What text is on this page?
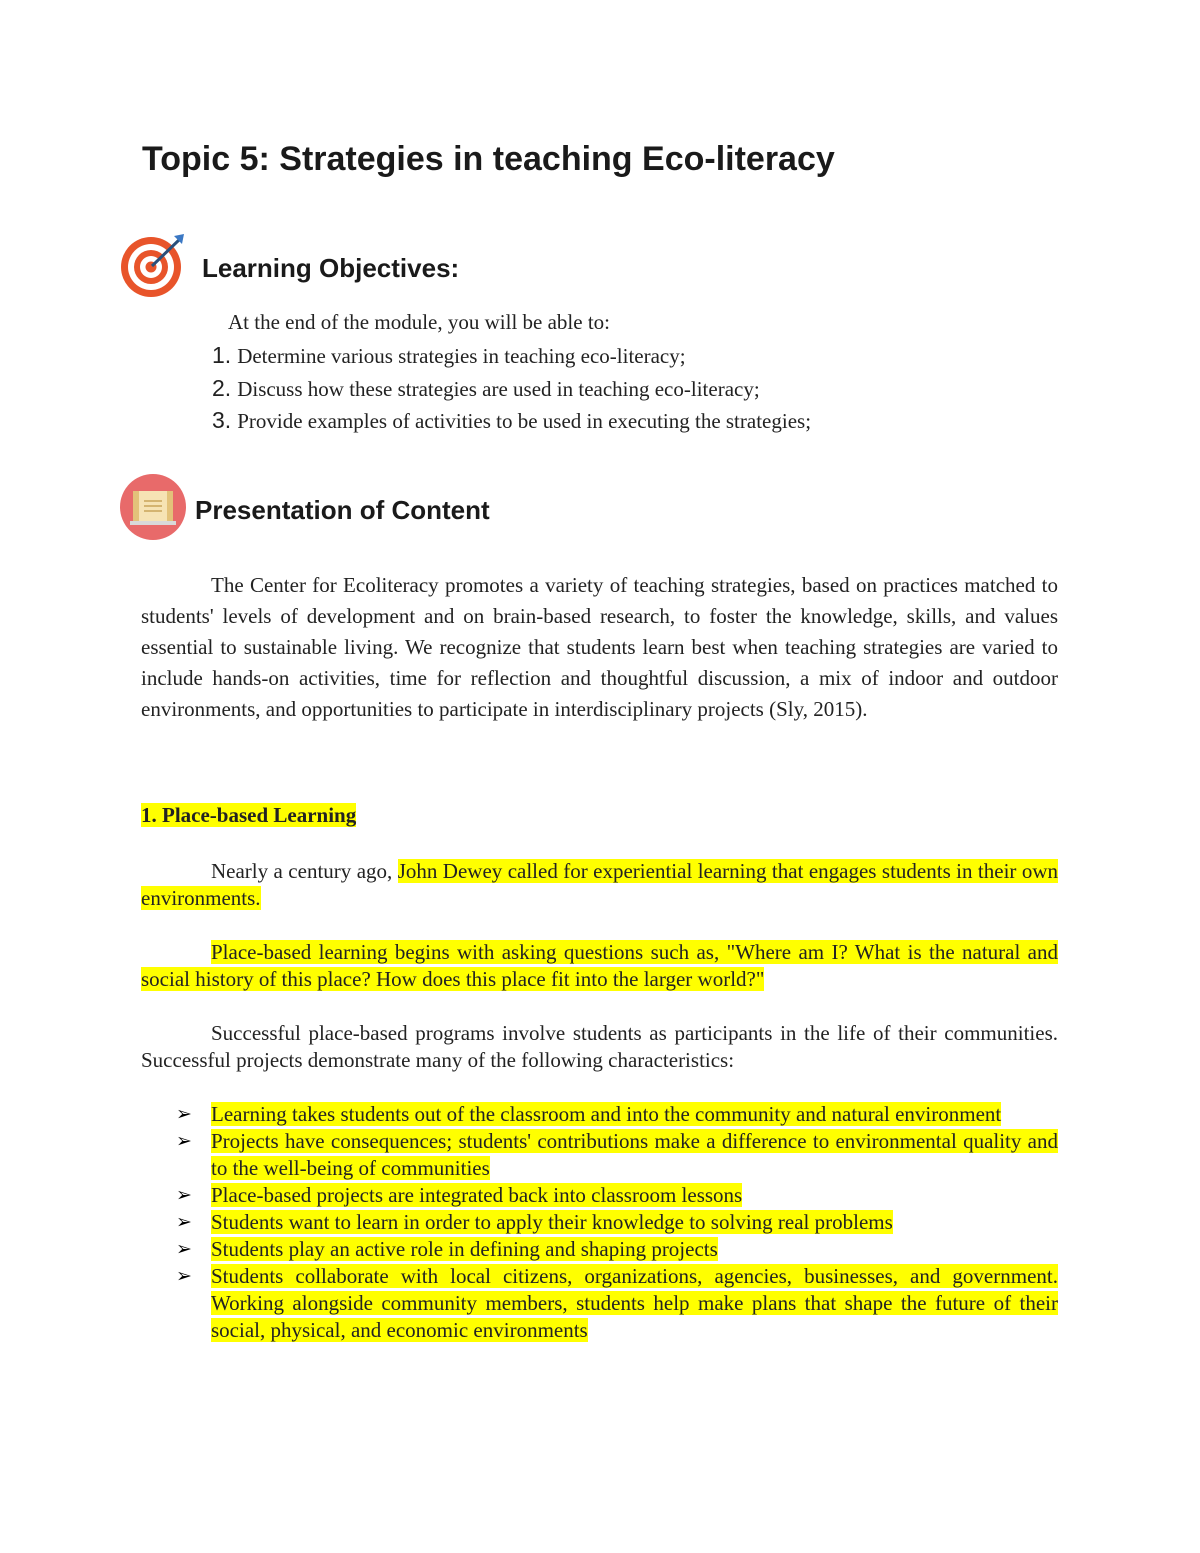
Topic 5: Strategies in teaching Eco-literacy
Learning Objectives:
At the end of the module, you will be able to:
1. Determine various strategies in teaching eco-literacy;
2. Discuss how these strategies are used in teaching eco-literacy;
3. Provide examples of activities to be used in executing the strategies;
Presentation of Content

The Center for Ecoliteracy promotes a variety of teaching strategies, based on practices matched to students' levels of development and on brain-based research, to foster the knowledge, skills, and values essential to sustainable living. We recognize that students learn best when teaching strategies are varied to include hands-on activities, time for reflection and thoughtful discussion, a mix of indoor and outdoor environments, and opportunities to participate in interdisciplinary projects (Sly, 2015).

1. Place-based Learning

Nearly a century ago, John Dewey called for experiential learning that engages students in their own environments.

Place-based learning begins with asking questions such as, "Where am I? What is the natural and social history of this place? How does this place fit into the larger world?"

Successful place-based programs involve students as participants in the life of their communities. Successful projects demonstrate many of the following characteristics:

➢ Learning takes students out of the classroom and into the community and natural environment
➢ Projects have consequences; students' contributions make a difference to environmental quality and to the well-being of communities
➢ Place-based projects are integrated back into classroom lessons
➢ Students want to learn in order to apply their knowledge to solving real problems
➢ Students play an active role in defining and shaping projects
➢ Students collaborate with local citizens, organizations, agencies, businesses, and government. Working alongside community members, students help make plans that shape the future of their social, physical, and economic environments
